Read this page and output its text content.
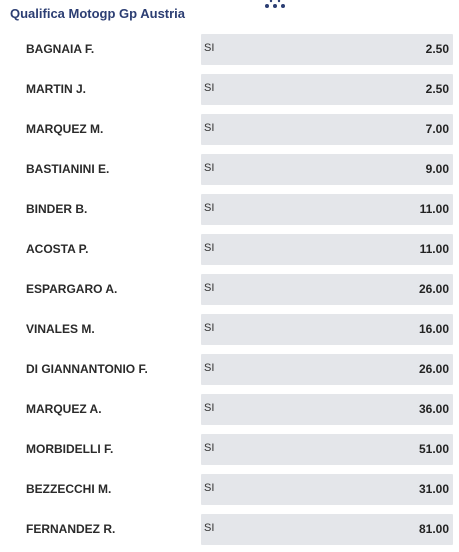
Qualifica Motogp Gp Austria
BAGNAIA F.	SI	2.50
MARTIN J.	SI	2.50
MARQUEZ M.	SI	7.00
BASTIANINI E.	SI	9.00
BINDER B.	SI	11.00
ACOSTA P.	SI	11.00
ESPARGARO A.	SI	26.00
VINALES M.	SI	16.00
DI GIANNANTONIO F.	SI	26.00
MARQUEZ A.	SI	36.00
MORBIDELLI F.	SI	51.00
BEZZECCHI M.	SI	31.00
FERNANDEZ R.	SI	81.00
